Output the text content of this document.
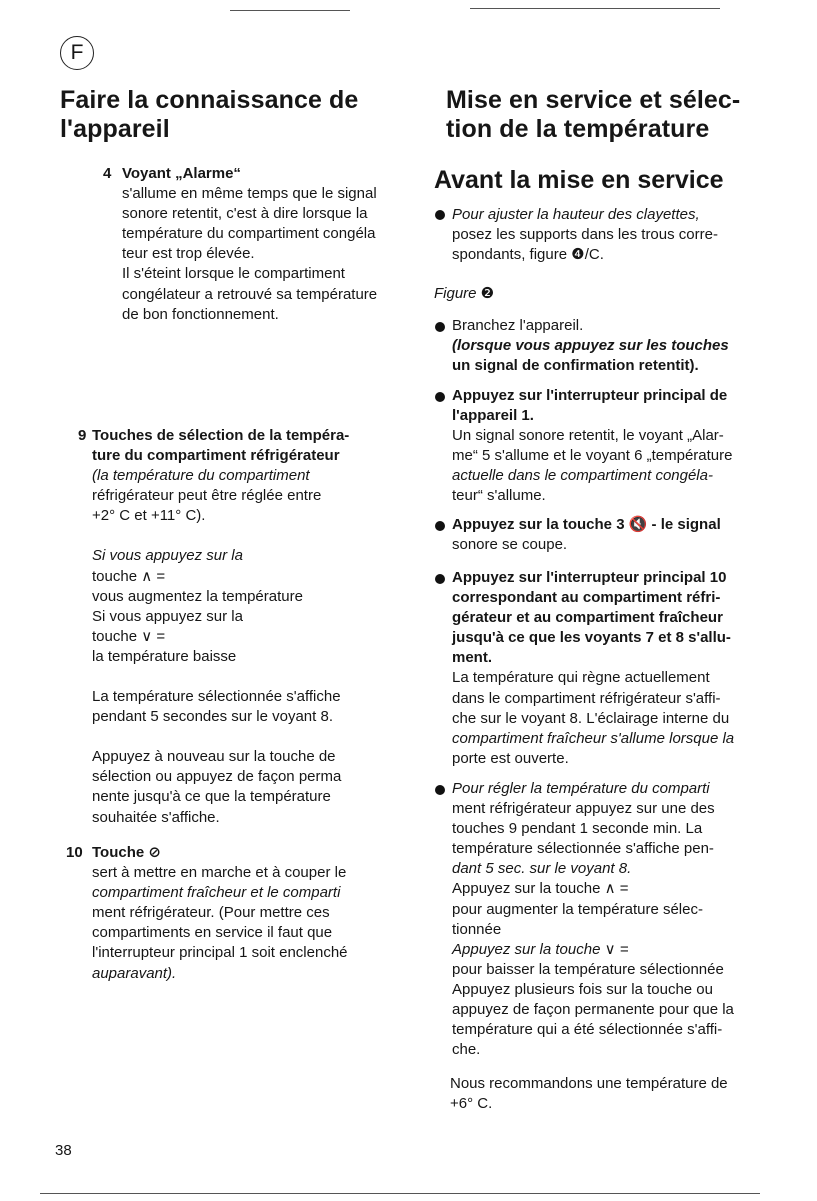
F
Faire la connaissance de
l'appareil
4 Voyant „Alarme“
s'allume en même temps que le signal
sonore retentit, c'est à dire lorsque la
température du compartiment congéla
teur est trop élevée.
Il s'éteint lorsque le compartiment
congélateur a retrouvé sa température
de bon fonctionnement.
9 Touches de sélection de la tempéra-
ture du compartiment réfrigérateur
(la température du compartiment
réfrigérateur peut être réglée entre
+2° C et +11° C).
Si vous appuyez sur la
touche ∧ =
vous augmentez la température
Si vous appuyez sur la
touche ∨ =
la température baisse
La température sélectionnée s'affiche
pendant 5 secondes sur le voyant 8.
Appuyez à nouveau sur la touche de
sélection ou appuyez de façon perma
nente jusqu'à ce que la température
souhaitée s'affiche.
10 Touche ⊘
sert à mettre en marche et à couper le
compartiment fraîcheur et le comparti
ment réfrigérateur. (Pour mettre ces
compartiments en service il faut que
l'interrupteur principal 1 soit enclenché
auparavant).
Mise en service et sélec-
tion de la température
Avant la mise en service
Pour ajuster la hauteur des clayettes,
posez les supports dans les trous corre-
spondants, figure ❹/C.
Figure ❷
Branchez l'appareil.
(lorsque vous appuyez sur les touches
un signal de confirmation retentit).
Appuyez sur l'interrupteur principal de
l'appareil 1.
Un signal sonore retentit, le voyant „Alar-
me“ 5 s'allume et le voyant 6 „température
actuelle dans le compartiment congéla-
teur“ s'allume.
Appuyez sur la touche 3 🔇 - le signal
sonore se coupe.
Appuyez sur l'interrupteur principal 10
correspondant au compartiment réfri-
gérateur et au compartiment fraîcheur
jusqu'à ce que les voyants 7 et 8 s'allu-
ment.
La température qui règne actuellement
dans le compartiment réfrigérateur s'affi-
che sur le voyant 8. L'éclairage interne du
compartiment fraîcheur s'allume lorsque la
porte est ouverte.
Pour régler la température du comparti
ment réfrigérateur appuyez sur une des
touches 9 pendant 1 seconde min. La
température sélectionnée s'affiche pen-
dant 5 sec. sur le voyant 8.
Appuyez sur la touche ∧ =
pour augmenter la température sélec-
tionnée
Appuyez sur la touche ∨ =
pour baisser la température sélectionnée
Appuyez plusieurs fois sur la touche ou
appuyez de façon permanente pour que la
température qui a été sélectionnée s'affi-
che.
Nous recommandons une température de
+6° C.
38
